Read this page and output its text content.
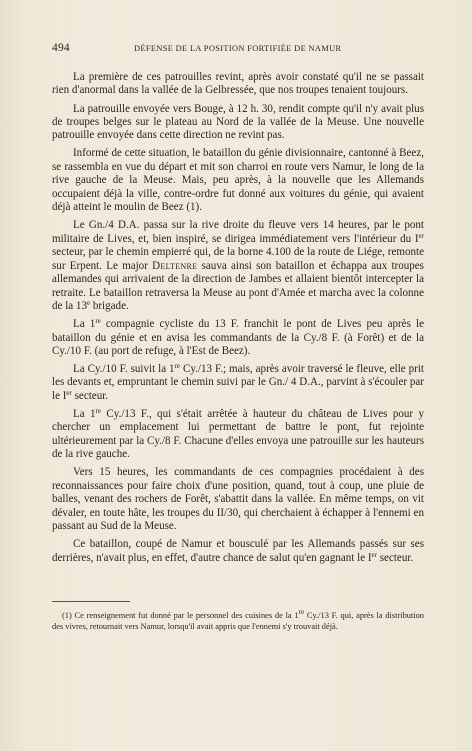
494	DÉFENSE DE LA POSITION FORTIFIÉE DE NAMUR

La première de ces patrouilles revint, après avoir constaté qu'il ne se passait rien d'anormal dans la vallée de la Gelbressée, que nos troupes tenaient toujours.

La patrouille envoyée vers Bouge, à 12 h. 30, rendit compte qu'il n'y avait plus de troupes belges sur le plateau au Nord de la vallée de la Meuse. Une nouvelle patrouille envoyée dans cette direction ne revint pas.

Informé de cette situation, le bataillon du génie divisionnaire, cantonné à Beez, se rassembla en vue du départ et mit son charroi en route vers Namur, le long de la rive gauche de la Meuse. Mais, peu après, à la nouvelle que les Allemands occupaient déjà la ville, contre-ordre fut donné aux voitures du génie, qui avaient déjà atteint le moulin de Beez (1).

Le Gn./4 D.A. passa sur la rive droite du fleuve vers 14 heures, par le pont militaire de Lives, et, bien inspiré, se dirigea immédiatement vers l'intérieur du Ier secteur, par le chemin empierré qui, de la borne 4.100 de la route de Liége, remonte sur Erpent. Le major Deltenre sauva ainsi son bataillon et échappa aux troupes allemandes qui arrivaient de la direction de Jambes et allaient bientôt intercepter la retraite. Le bataillon retraversa la Meuse au pont d'Amée et marcha avec la colonne de la 13e brigade.

La 1re compagnie cycliste du 13 F. franchit le pont de Lives peu après le bataillon du génie et en avisa les commandants de la Cy./8 F. (à Forêt) et de la Cy./10 F. (au port de refuge, à l'Est de Beez).

La Cy./10 F. suivit la 1re Cy./13 F.; mais, après avoir traversé le fleuve, elle prit les devants et, empruntant le chemin suivi par le Gn./ 4 D.A., parvint à s'écouler par le Ier secteur.

La 1re Cy./13 F., qui s'était arrêtée à hauteur du château de Lives pour y chercher un emplacement lui permettant de battre le pont, fut rejointe ultérieurement par la Cy./8 F. Chacune d'elles envoya une patrouille sur les hauteurs de la rive gauche.

Vers 15 heures, les commandants de ces compagnies procédaient à des reconnaissances pour faire choix d'une position, quand, tout à coup, une pluie de balles, venant des rochers de Forêt, s'abattit dans la vallée. En même temps, on vit dévaler, en toute hâte, les troupes du II/30, qui cherchaient à échapper à l'ennemi en passant au Sud de la Meuse.

Ce bataillon, coupé de Namur et bousculé par les Allemands passés sur ses derrières, n'avait plus, en effet, d'autre chance de salut qu'en gagnant le Ier secteur.

(1) Ce renseignement fut donné par le personnel des cuisines de la 1re Cy./13 F. qui, après la distribution des vivres, retournait vers Namur, lorsqu'il avait appris que l'ennemi s'y trouvait déjà.
